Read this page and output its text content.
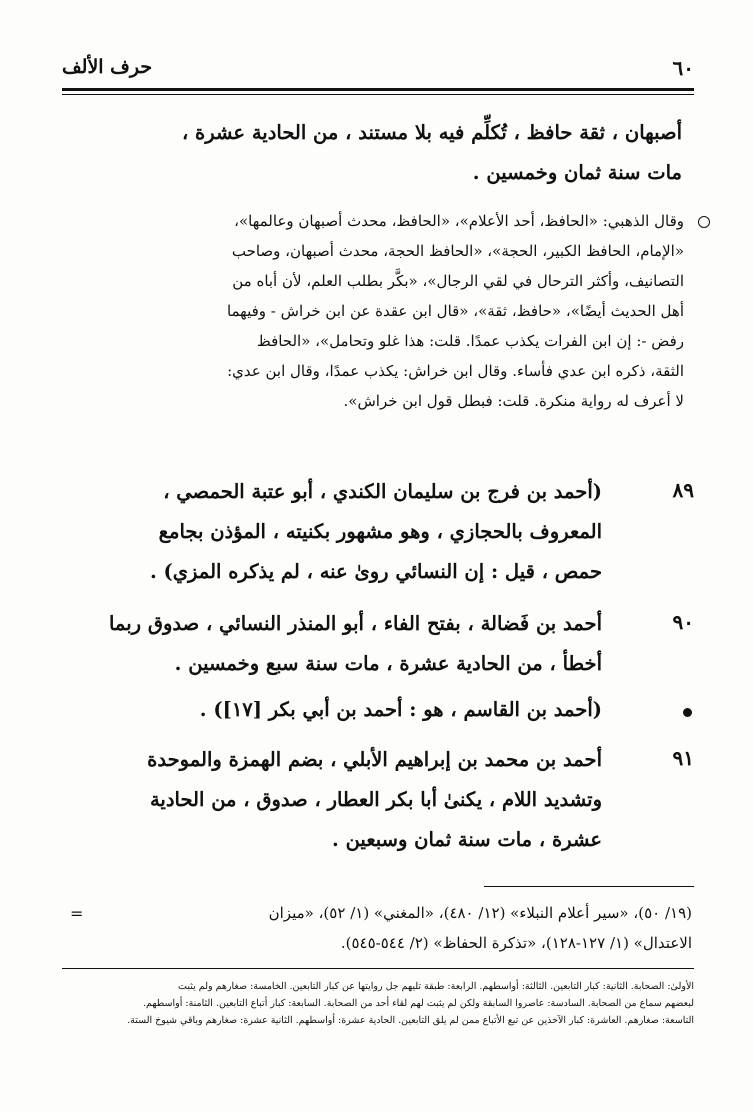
٦٠
حرف الألف
أصبهان ، ثقة حافظ ، تُكلِّم فيه بلا مستند ، من الحادية عشرة ،
مات سنة ثمان وخمسين .
وقال الذهبي: «الحافظ، أحد الأعلام»، «الحافظ، محدث أصبهان وعالمها»،
«الإمام، الحافظ الكبير، الحجة»، «الحافظ الحجة، محدث أصبهان، وصاحب
التصانيف، وأكثر الترحال في لقي الرجال»، «بكَّر بطلب العلم، لأن أباه من
أهل الحديث أيضًا»، «حافظ، ثقة»، «قال ابن عقدة عن ابن خراش - وفيهما
رفض -: إن ابن الفرات يكذب عمدًا. قلت: هذا غلو وتحامل»، «الحافظ
الثقة، ذكره ابن عدي فأساء. وقال ابن خراش: يكذب عمدًا، وقال ابن عدي:
لا أعرف له رواية منكرة. قلت: فبطل قول ابن خراش».
٨٩
(أحمد بن فرج بن سليمان الكندي ، أبو عتبة الحمصي ،
المعروف بالحجازي ، وهو مشهور بكنيته ، المؤذن بجامع
حمص ، قيل : إن النسائي روىٰ عنه ، لم يذكره المزي) .
٩٠
أحمد بن فَضالة ، بفتح الفاء ، أبو المنذر النسائي ، صدوق ربما
أخطأ ، من الحادية عشرة ، مات سنة سبع وخمسين .
(أحمد بن القاسم ، هو : أحمد بن أبي بكر [١٧]) .
٩١
أحمد بن محمد بن إبراهيم الأبلي ، بضم الهمزة والموحدة
وتشديد اللام ، يكنىٰ أبا بكر العطار ، صدوق ، من الحادية
عشرة ، مات سنة ثمان وسبعين .
=	(١٩/ ٥٠)، «سير أعلام النبلاء» (١٢/ ٤٨٠)، «المغني» (١/ ٥٢)، «ميزان
الاعتدال» (١/ ١٢٧-١٢٨)، «تذكرة الحفاظ» (٢/ ٥٤٤-٥٤٥).
الأولىٰ: الصحابة. الثانية: كبار التابعين. الثالثة: أواسطهم. الرابعة: طبقة تليهم جل روايتها عن كبار التابعين. الخامسة: صغارهم ولم يثبت
لبعضهم سماع من الصحابة. السادسة: عاصروا السابقة ولكن لم يثبت لهم لقاء أحد من الصحابة. السابعة: كبار أتباع التابعين. الثامنة: أواسطهم.
التاسعة: صغارهم. العاشرة: كبار الآخذين عن تبع الأتباع ممن لم يلق التابعين. الحادية عشرة: أواسطهم. الثانية عشرة: صغارهم وباقي شيوخ الستة.
